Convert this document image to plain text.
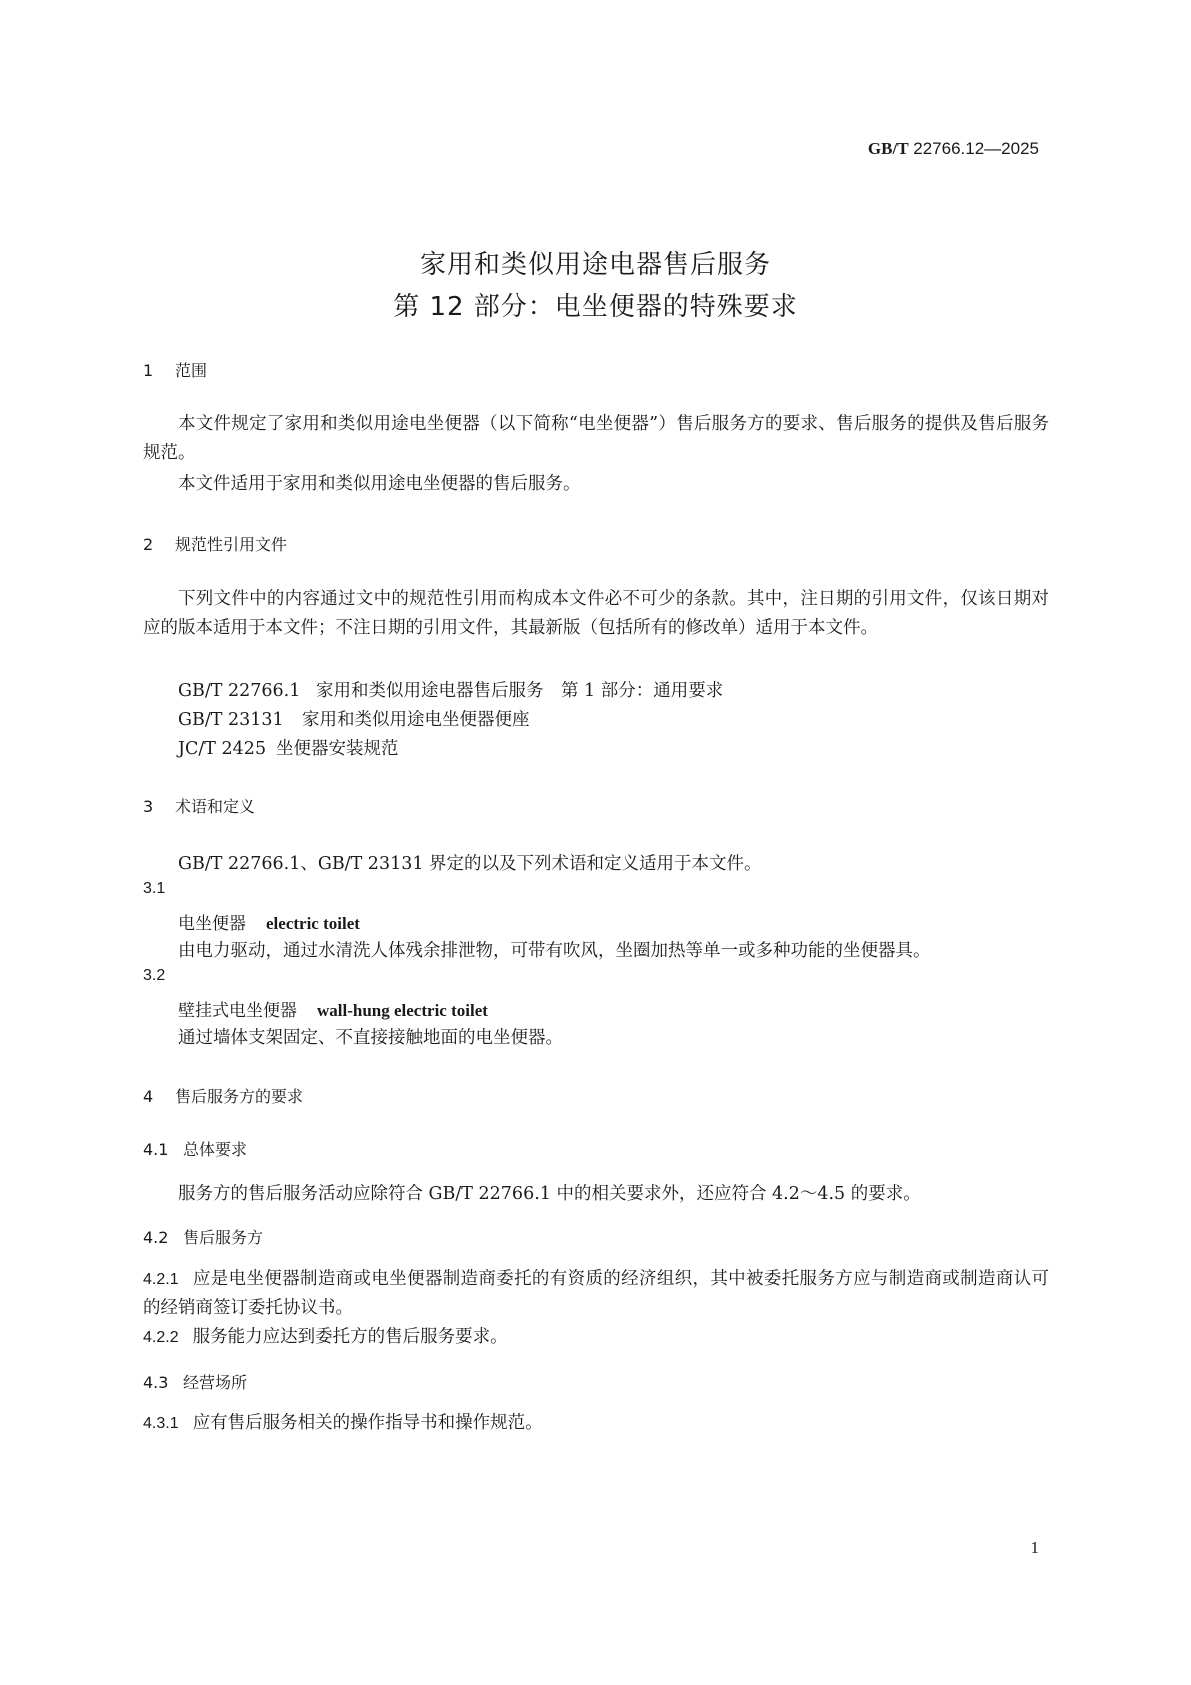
GB/T 22766.12—2025
家用和类似用途电器售后服务
第 12 部分：电坐便器的特殊要求
1 范围
本文件规定了家用和类似用途电坐便器（以下简称“电坐便器”）售后服务方的要求、售后服务的提供及售后服务规范。
本文件适用于家用和类似用途电坐便器的售后服务。
2 规范性引用文件
下列文件中的内容通过文中的规范性引用而构成本文件必不可少的条款。其中，注日期的引用文件，仅该日期对应的版本适用于本文件；不注日期的引用文件，其最新版（包括所有的修改单）适用于本文件。
GB/T 22766.1 家用和类似用途电器售后服务　第 1 部分：通用要求
GB/T 23131 家用和类似用途电坐便器便座
JC/T 2425 坐便器安装规范
3 术语和定义
GB/T 22766.1、GB/T 23131 界定的以及下列术语和定义适用于本文件。
3.1
电坐便器 electric toilet
由电力驱动，通过水清洗人体残余排泄物，可带有吹风，坐圈加热等单一或多种功能的坐便器具。
3.2
壁挂式电坐便器 wall-hung electric toilet
通过墙体支架固定、不直接接触地面的电坐便器。
4 售后服务方的要求
4.1 总体要求
服务方的售后服务活动应除符合 GB/T 22766.1 中的相关要求外，还应符合 4.2～4.5 的要求。
4.2 售后服务方
4.2.1 应是电坐便器制造商或电坐便器制造商委托的有资质的经济组织，其中被委托服务方应与制造商或制造商认可的经销商签订委托协议书。
4.2.2 服务能力应达到委托方的售后服务要求。
4.3 经营场所
4.3.1 应有售后服务相关的操作指导书和操作规范。
1
